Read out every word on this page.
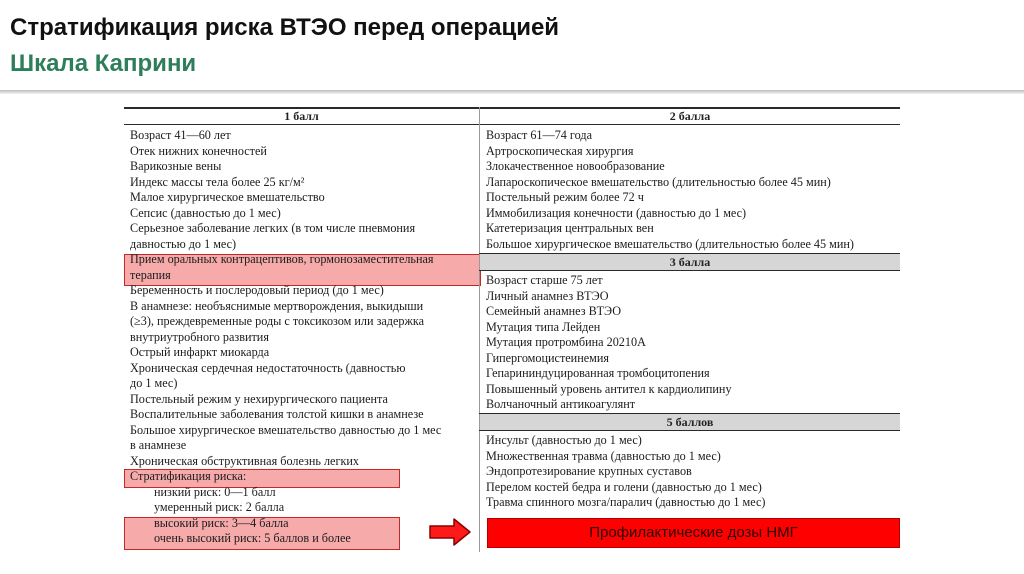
Стратификация риска ВТЭО перед операцией
Шкала Каприни
1 балл	2 балла
3 балла
5 баллов
Возраст 41—60 лет
Отек нижних конечностей
Варикозные вены
Индекс массы тела более 25 кг/м²
Малое хирургическое вмешательство
Сепсис (давностью до 1 мес)
Серьезное заболевание легких (в том числе пневмония
давностью до 1 мес)
Прием оральных контрацептивов, гормонозаместительная
терапия
Беременность и послеродовый период (до 1 мес)
В анамнезе: необъяснимые мертворождения, выкидыши
(≥3), преждевременные роды с токсикозом или задержка
внутриутробного развития
Острый инфаркт миокарда
Хроническая сердечная недостаточность (давностью
до 1 мес)
Постельный режим у нехирургического пациента
Воспалительные заболевания толстой кишки в анамнезе
Большое хирургическое вмешательство давностью до 1 мес
в анамнезе
Хроническая обструктивная болезнь легких
Стратификация риска:
низкий риск: 0—1 балл
умеренный риск: 2 балла
высокий риск: 3—4 балла
очень высокий риск: 5 баллов и более
Возраст 61—74 года
Артроскопическая хирургия
Злокачественное новообразование
Лапароскопическое вмешательство (длительностью более 45 мин)
Постельный режим более 72 ч
Иммобилизация конечности (давностью до 1 мес)
Катетеризация центральных вен
Большое хирургическое вмешательство (длительностью более 45 мин)
Возраст старше 75 лет
Личный анамнез ВТЭО
Семейный анамнез ВТЭО
Мутация типа Лейден
Мутация протромбина 20210A
Гипергомоцистеинемия
Гепарининдуцированная тромбоцитопения
Повышенный уровень антител к кардиолипину
Волчаночный антикоагулянт
Инсульт (давностью до 1 мес)
Множественная травма (давностью до 1 мес)
Эндопротезирование крупных суставов
Перелом костей бедра и голени (давностью до 1 мес)
Травма спинного мозга/паралич (давностью до 1 мес)
Профилактические дозы НМГ
